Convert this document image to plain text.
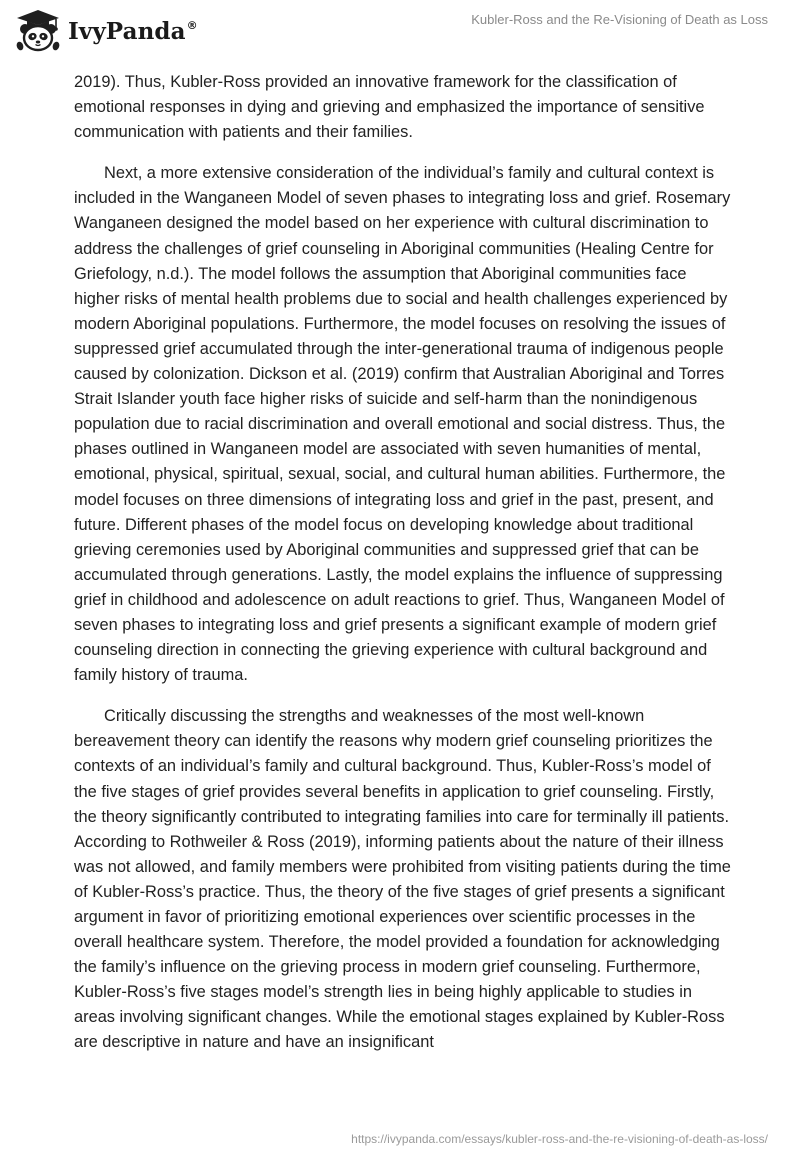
IvyPanda®	Kubler-Ross and the Re-Visioning of Death as Loss

2019). Thus, Kubler-Ross provided an innovative framework for the classification of emotional responses in dying and grieving and emphasized the importance of sensitive communication with patients and their families.

Next, a more extensive consideration of the individual’s family and cultural context is included in the Wanganeen Model of seven phases to integrating loss and grief. Rosemary Wanganeen designed the model based on her experience with cultural discrimination to address the challenges of grief counseling in Aboriginal communities (Healing Centre for Griefology, n.d.). The model follows the assumption that Aboriginal communities face higher risks of mental health problems due to social and health challenges experienced by modern Aboriginal populations. Furthermore, the model focuses on resolving the issues of suppressed grief accumulated through the inter-generational trauma of indigenous people caused by colonization. Dickson et al. (2019) confirm that Australian Aboriginal and Torres Strait Islander youth face higher risks of suicide and self-harm than the nonindigenous population due to racial discrimination and overall emotional and social distress. Thus, the phases outlined in Wanganeen model are associated with seven humanities of mental, emotional, physical, spiritual, sexual, social, and cultural human abilities. Furthermore, the model focuses on three dimensions of integrating loss and grief in the past, present, and future. Different phases of the model focus on developing knowledge about traditional grieving ceremonies used by Aboriginal communities and suppressed grief that can be accumulated through generations. Lastly, the model explains the influence of suppressing grief in childhood and adolescence on adult reactions to grief. Thus, Wanganeen Model of seven phases to integrating loss and grief presents a significant example of modern grief counseling direction in connecting the grieving experience with cultural background and family history of trauma.

Critically discussing the strengths and weaknesses of the most well-known bereavement theory can identify the reasons why modern grief counseling prioritizes the contexts of an individual’s family and cultural background. Thus, Kubler-Ross’s model of the five stages of grief provides several benefits in application to grief counseling. Firstly, the theory significantly contributed to integrating families into care for terminally ill patients. According to Rothweiler & Ross (2019), informing patients about the nature of their illness was not allowed, and family members were prohibited from visiting patients during the time of Kubler-Ross’s practice. Thus, the theory of the five stages of grief presents a significant argument in favor of prioritizing emotional experiences over scientific processes in the overall healthcare system. Therefore, the model provided a foundation for acknowledging the family’s influence on the grieving process in modern grief counseling. Furthermore, Kubler-Ross’s five stages model’s strength lies in being highly applicable to studies in areas involving significant changes. While the emotional stages explained by Kubler-Ross are descriptive in nature and have an insignificant

https://ivypanda.com/essays/kubler-ross-and-the-re-visioning-of-death-as-loss/
